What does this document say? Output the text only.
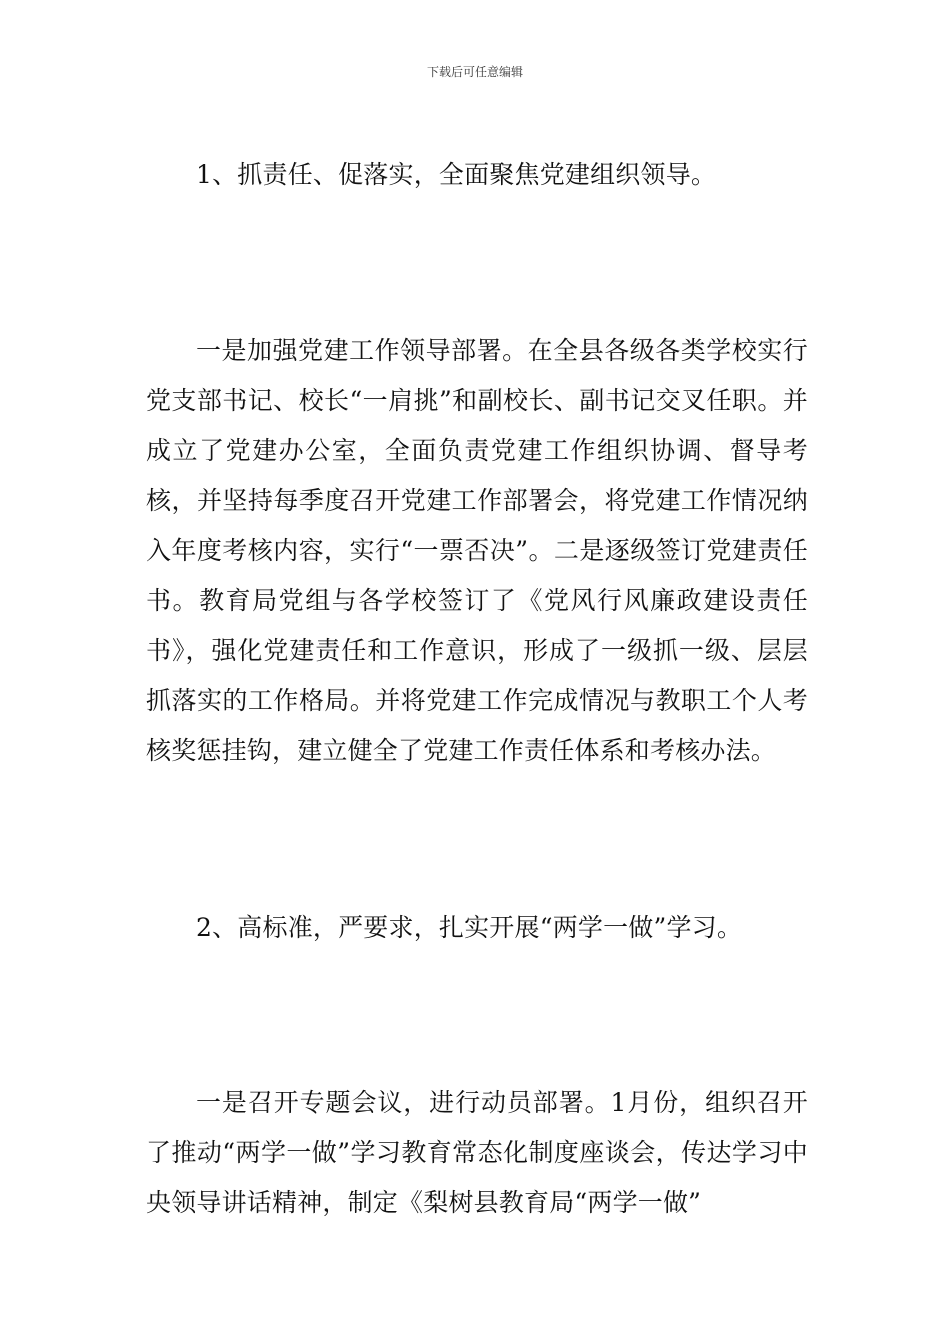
下载后可任意编辑

1、抓责任、促落实，全面聚焦党建组织领导。

一是加强党建工作领导部署。在全县各级各类学校实行党支部书记、校长“一肩挑”和副校长、副书记交叉任职。并成立了党建办公室，全面负责党建工作组织协调、督导考核，并坚持每季度召开党建工作部署会，将党建工作情况纳入年度考核内容，实行“一票否决”。二是逐级签订党建责任书。教育局党组与各学校签订了《党风行风廉政建设责任书》，强化党建责任和工作意识，形成了一级抓一级、层层抓落实的工作格局。并将党建工作完成情况与教职工个人考核奖惩挂钩，建立健全了党建工作责任体系和考核办法。

2、高标准，严要求，扎实开展“两学一做”学习。

一是召开专题会议，进行动员部署。1月份，组织召开了推动“两学一做”学习教育常态化制度座谈会，传达学习中央领导讲话精神，制定《梨树县教育局“两学一做”
